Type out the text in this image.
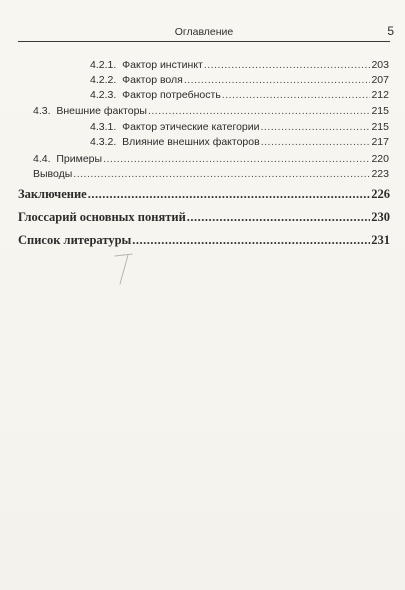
Оглавление	5
4.2.1. Фактор инстинкт .....	203
4.2.2. Фактор воля .....	207
4.2.3. Фактор потребность .....	212
4.3. Внешние факторы .....	215
4.3.1. Фактор этические категории .....	215
4.3.2. Влияние внешних факторов .....	217
4.4. Примеры .....	220
Выводы .....	223
Заключение .....	226
Глоссарий основных понятий .....	230
Список литературы .....	231
